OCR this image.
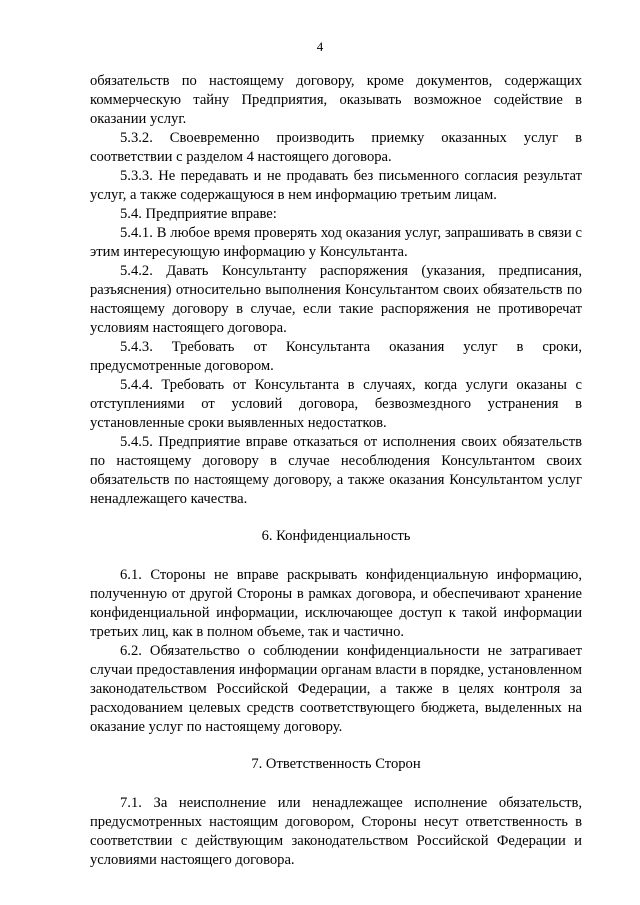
4

обязательств по настоящему договору, кроме документов, содержащих коммерческую тайну Предприятия, оказывать возможное содействие в оказании услуг.

5.3.2. Своевременно производить приемку оказанных услуг в соответствии с разделом 4 настоящего договора.

5.3.3. Не передавать и не продавать без письменного согласия результат услуг, а также содержащуюся в нем информацию третьим лицам.

5.4. Предприятие вправе:

5.4.1. В любое время проверять ход оказания услуг, запрашивать в связи с этим интересующую информацию у Консультанта.

5.4.2. Давать Консультанту распоряжения (указания, предписания, разъяснения) относительно выполнения Консультантом своих обязательств по настоящему договору в случае, если такие распоряжения не противоречат условиям настоящего договора.

5.4.3. Требовать от Консультанта оказания услуг в сроки, предусмотренные договором.

5.4.4. Требовать от Консультанта в случаях, когда услуги оказаны с отступлениями от условий договора, безвозмездного устранения в установленные сроки выявленных недостатков.

5.4.5. Предприятие вправе отказаться от исполнения своих обязательств по настоящему договору в случае несоблюдения Консультантом своих обязательств по настоящему договору, а также оказания Консультантом услуг ненадлежащего качества.

6. Конфиденциальность

6.1. Стороны не вправе раскрывать конфиденциальную информацию, полученную от другой Стороны в рамках договора, и обеспечивают хранение конфиденциальной информации, исключающее доступ к такой информации третьих лиц, как в полном объеме, так и частично.

6.2. Обязательство о соблюдении конфиденциальности не затрагивает случаи предоставления информации органам власти в порядке, установленном законодательством Российской Федерации, а также в целях контроля за расходованием целевых средств соответствующего бюджета, выделенных на оказание услуг по настоящему договору.

7. Ответственность Сторон

7.1. За неисполнение или ненадлежащее исполнение обязательств, предусмотренных настоящим договором, Стороны несут ответственность в соответствии с действующим законодательством Российской Федерации и условиями настоящего договора.
